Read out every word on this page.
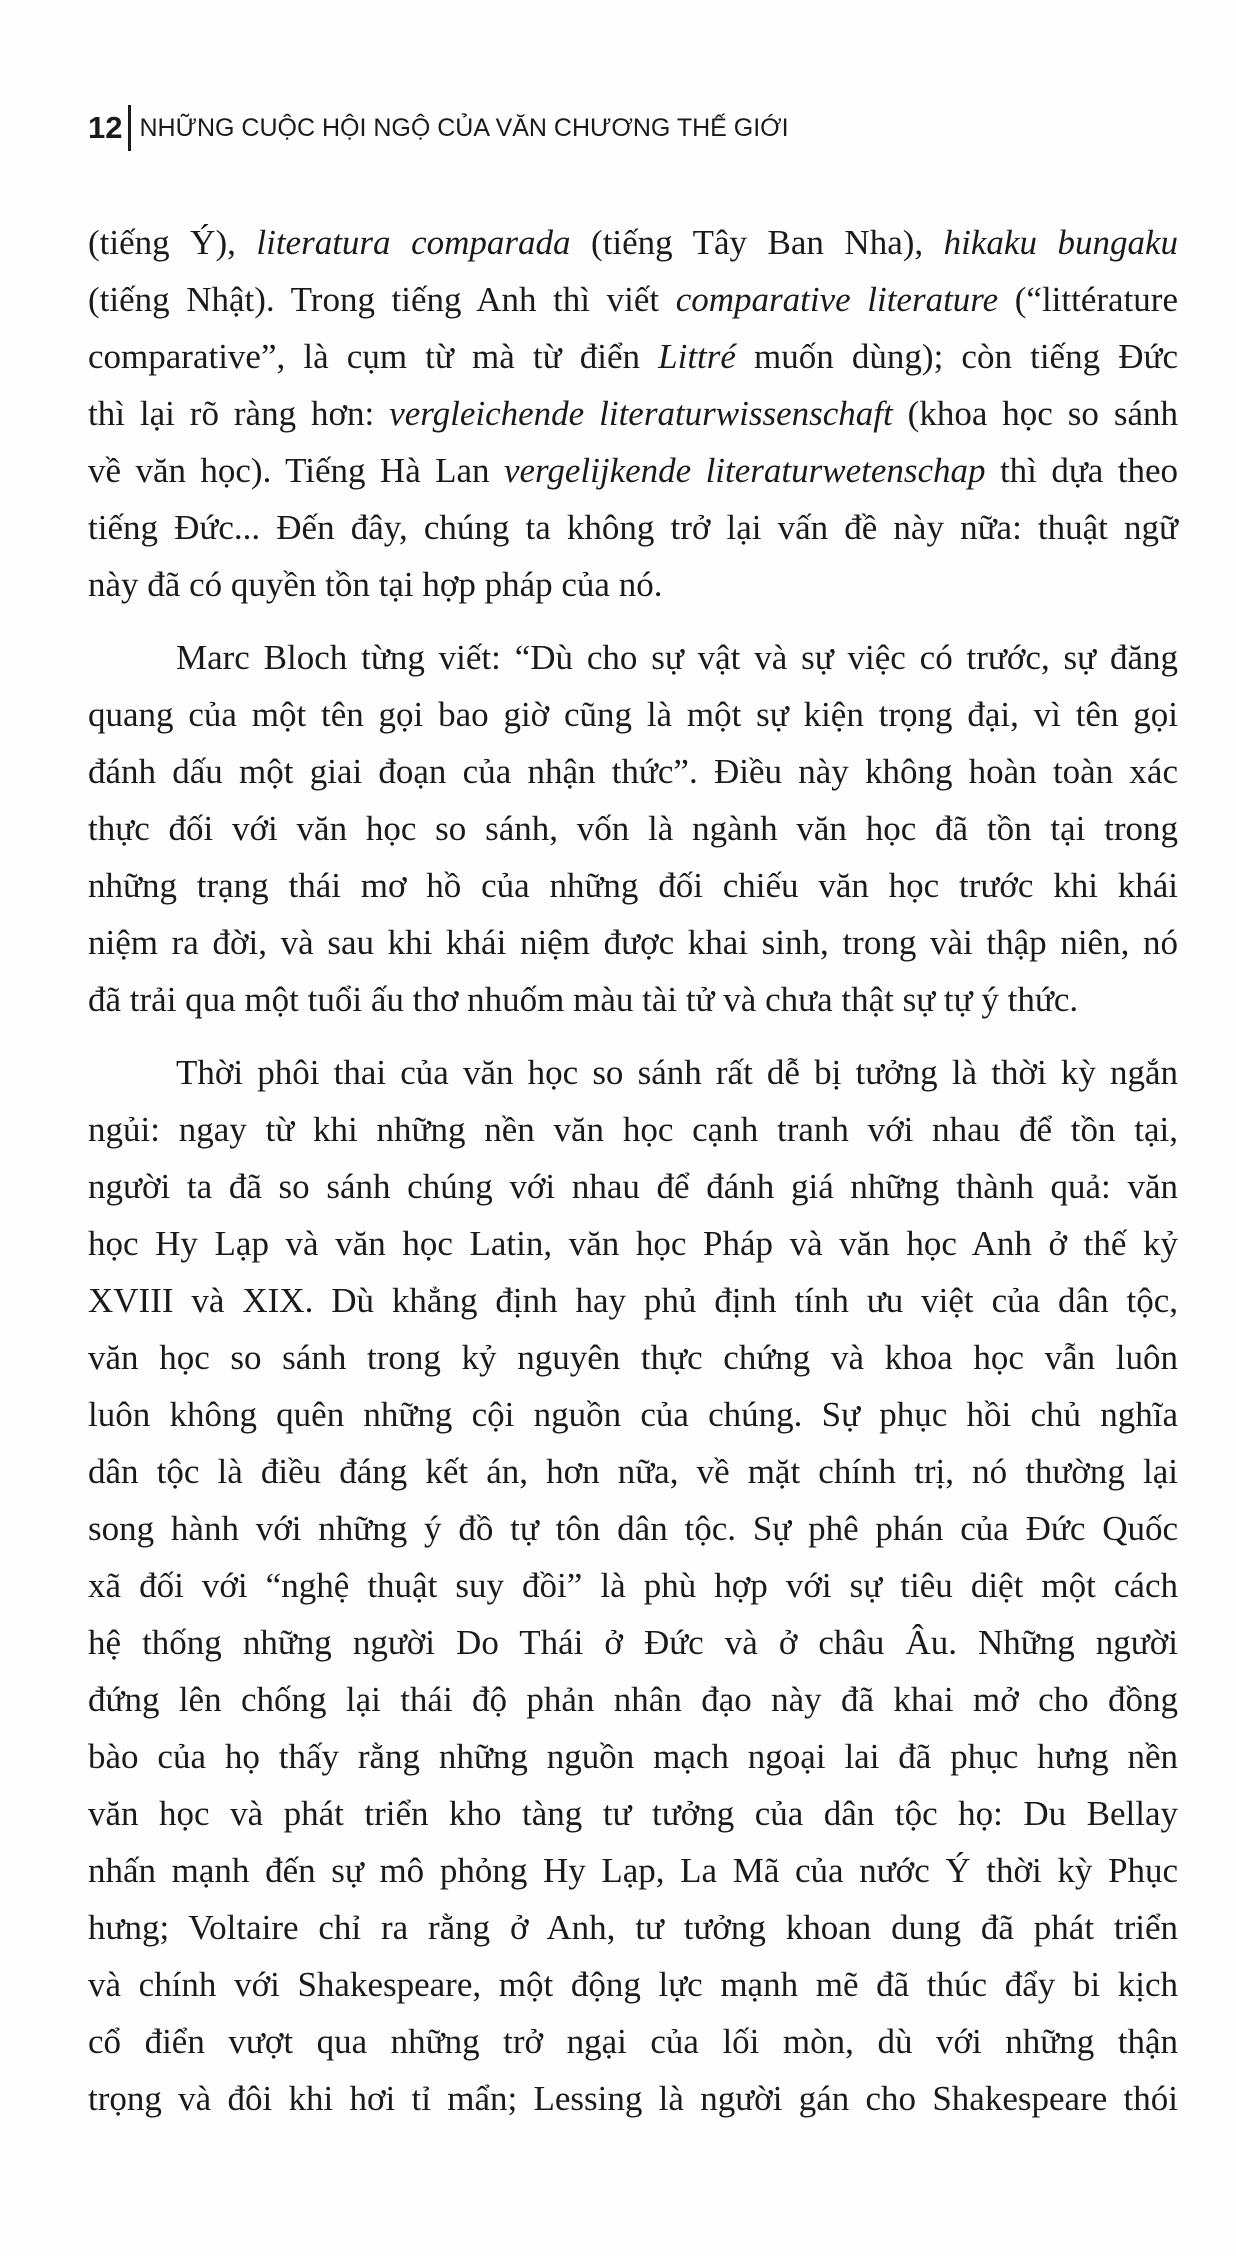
12 NHỮNG CUỘC HỘI NGỘ CỦA VĂN CHƯƠNG THẾ GIỚI

(tiếng Ý), literatura comparada (tiếng Tây Ban Nha), hikaku bungaku
(tiếng Nhật). Trong tiếng Anh thì viết comparative literature (“littérature
comparative”, là cụm từ mà từ điển Littré muốn dùng); còn tiếng Đức
thì lại rõ ràng hơn: vergleichende literaturwissenschaft (khoa học so sánh
về văn học). Tiếng Hà Lan vergelijkende literaturwetenschap thì dựa theo
tiếng Đức... Đến đây, chúng ta không trở lại vấn đề này nữa: thuật ngữ
này đã có quyền tồn tại hợp pháp của nó.

Marc Bloch từng viết: “Dù cho sự vật và sự việc có trước, sự đăng
quang của một tên gọi bao giờ cũng là một sự kiện trọng đại, vì tên gọi
đánh dấu một giai đoạn của nhận thức”. Điều này không hoàn toàn xác
thực đối với văn học so sánh, vốn là ngành văn học đã tồn tại trong
những trạng thái mơ hồ của những đối chiếu văn học trước khi khái
niệm ra đời, và sau khi khái niệm được khai sinh, trong vài thập niên, nó
đã trải qua một tuổi ấu thơ nhuốm màu tài tử và chưa thật sự tự ý thức.

Thời phôi thai của văn học so sánh rất dễ bị tưởng là thời kỳ ngắn
ngủi: ngay từ khi những nền văn học cạnh tranh với nhau để tồn tại,
người ta đã so sánh chúng với nhau để đánh giá những thành quả: văn
học Hy Lạp và văn học Latin, văn học Pháp và văn học Anh ở thế kỷ
XVIII và XIX. Dù khẳng định hay phủ định tính ưu việt của dân tộc,
văn học so sánh trong kỷ nguyên thực chứng và khoa học vẫn luôn
luôn không quên những cội nguồn của chúng. Sự phục hồi chủ nghĩa
dân tộc là điều đáng kết án, hơn nữa, về mặt chính trị, nó thường lại
song hành với những ý đồ tự tôn dân tộc. Sự phê phán của Đức Quốc
xã đối với “nghệ thuật suy đồi” là phù hợp với sự tiêu diệt một cách
hệ thống những người Do Thái ở Đức và ở châu Âu. Những người
đứng lên chống lại thái độ phản nhân đạo này đã khai mở cho đồng
bào của họ thấy rằng những nguồn mạch ngoại lai đã phục hưng nền
văn học và phát triển kho tàng tư tưởng của dân tộc họ: Du Bellay
nhấn mạnh đến sự mô phỏng Hy Lạp, La Mã của nước Ý thời kỳ Phục
hưng; Voltaire chỉ ra rằng ở Anh, tư tưởng khoan dung đã phát triển
và chính với Shakespeare, một động lực mạnh mẽ đã thúc đẩy bi kịch
cổ điển vượt qua những trở ngại của lối mòn, dù với những thận
trọng và đôi khi hơi tỉ mẩn; Lessing là người gán cho Shakespeare thói
